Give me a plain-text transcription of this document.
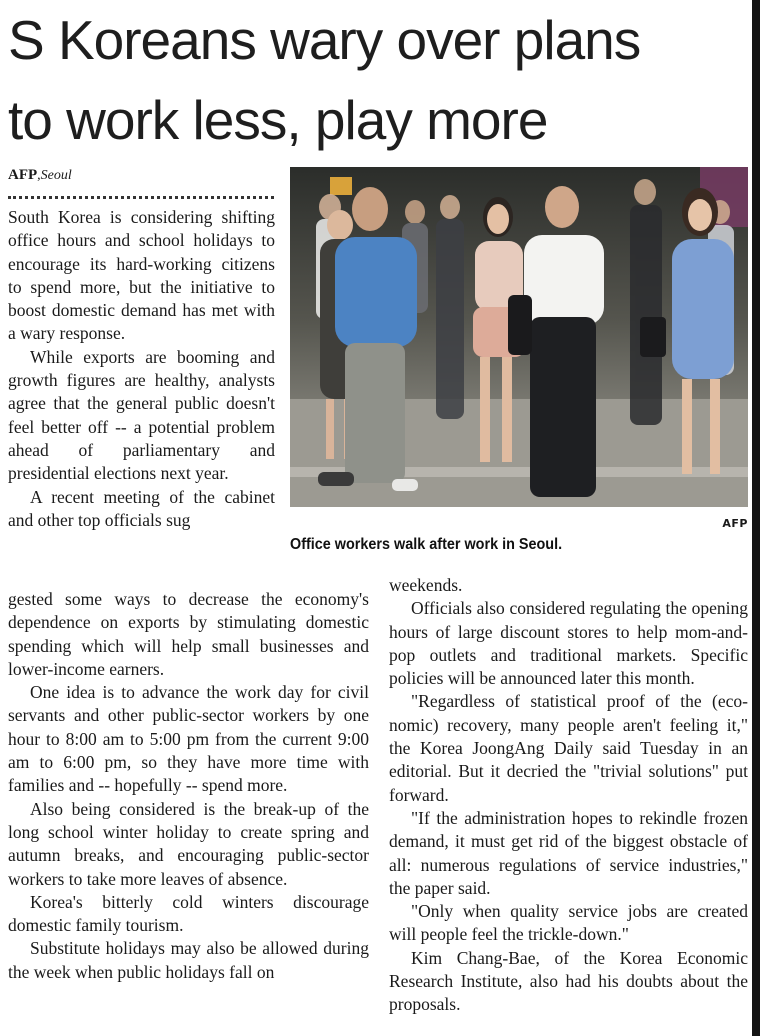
S Koreans wary over plans
to work less, play more
AFP,Seoul
AFP

Office workers walk after work in Seoul.

South Korea is considering shifting office hours and school holidays to encourage its hard-working citizens to spend more, but the initiative to boost domestic demand has met with a wary response.

While exports are booming and growth figures are healthy, analysts agree that the general public doesn't feel better off -- a potential problem ahead of parliamentary and presidential elections next year.

A recent meeting of the cabinet and other top officials sug

gested some ways to decrease the economy's dependence on exports by stimulating domestic spending which will help small businesses and lower-income earners.

One idea is to advance the work day for civil servants and other public-sector workers by one hour to 8:00 am to 5:00 pm from the current 9:00 am to 6:00 pm, so they have more time with families and -- hopefully -- spend more.

Also being considered is the break-up of the long school winter holiday to create spring and autumn breaks, and encouraging public-sector workers to take more leaves of absence.

Korea's bitterly cold winters discourage domestic family tourism.

Substitute holidays may also be allowed during the week when public holidays fall on

weekends.

Officials also considered regulating the opening hours of large discount stores to help mom-and-pop outlets and traditional markets. Specific policies will be announced later this month.

"Regardless of statistical proof of the (economic) recovery, many people aren't feeling it," the Korea JoongAng Daily said Tuesday in an editorial. But it decried the "trivial solutions" put forward.

"If the administration hopes to rekindle frozen demand, it must get rid of the biggest obstacle of all: numerous regulations of service industries," the paper said.

"Only when quality service jobs are created will people feel the trickle-down."

Kim Chang-Bae, of the Korea Economic Research Institute, also had his doubts about the proposals.
